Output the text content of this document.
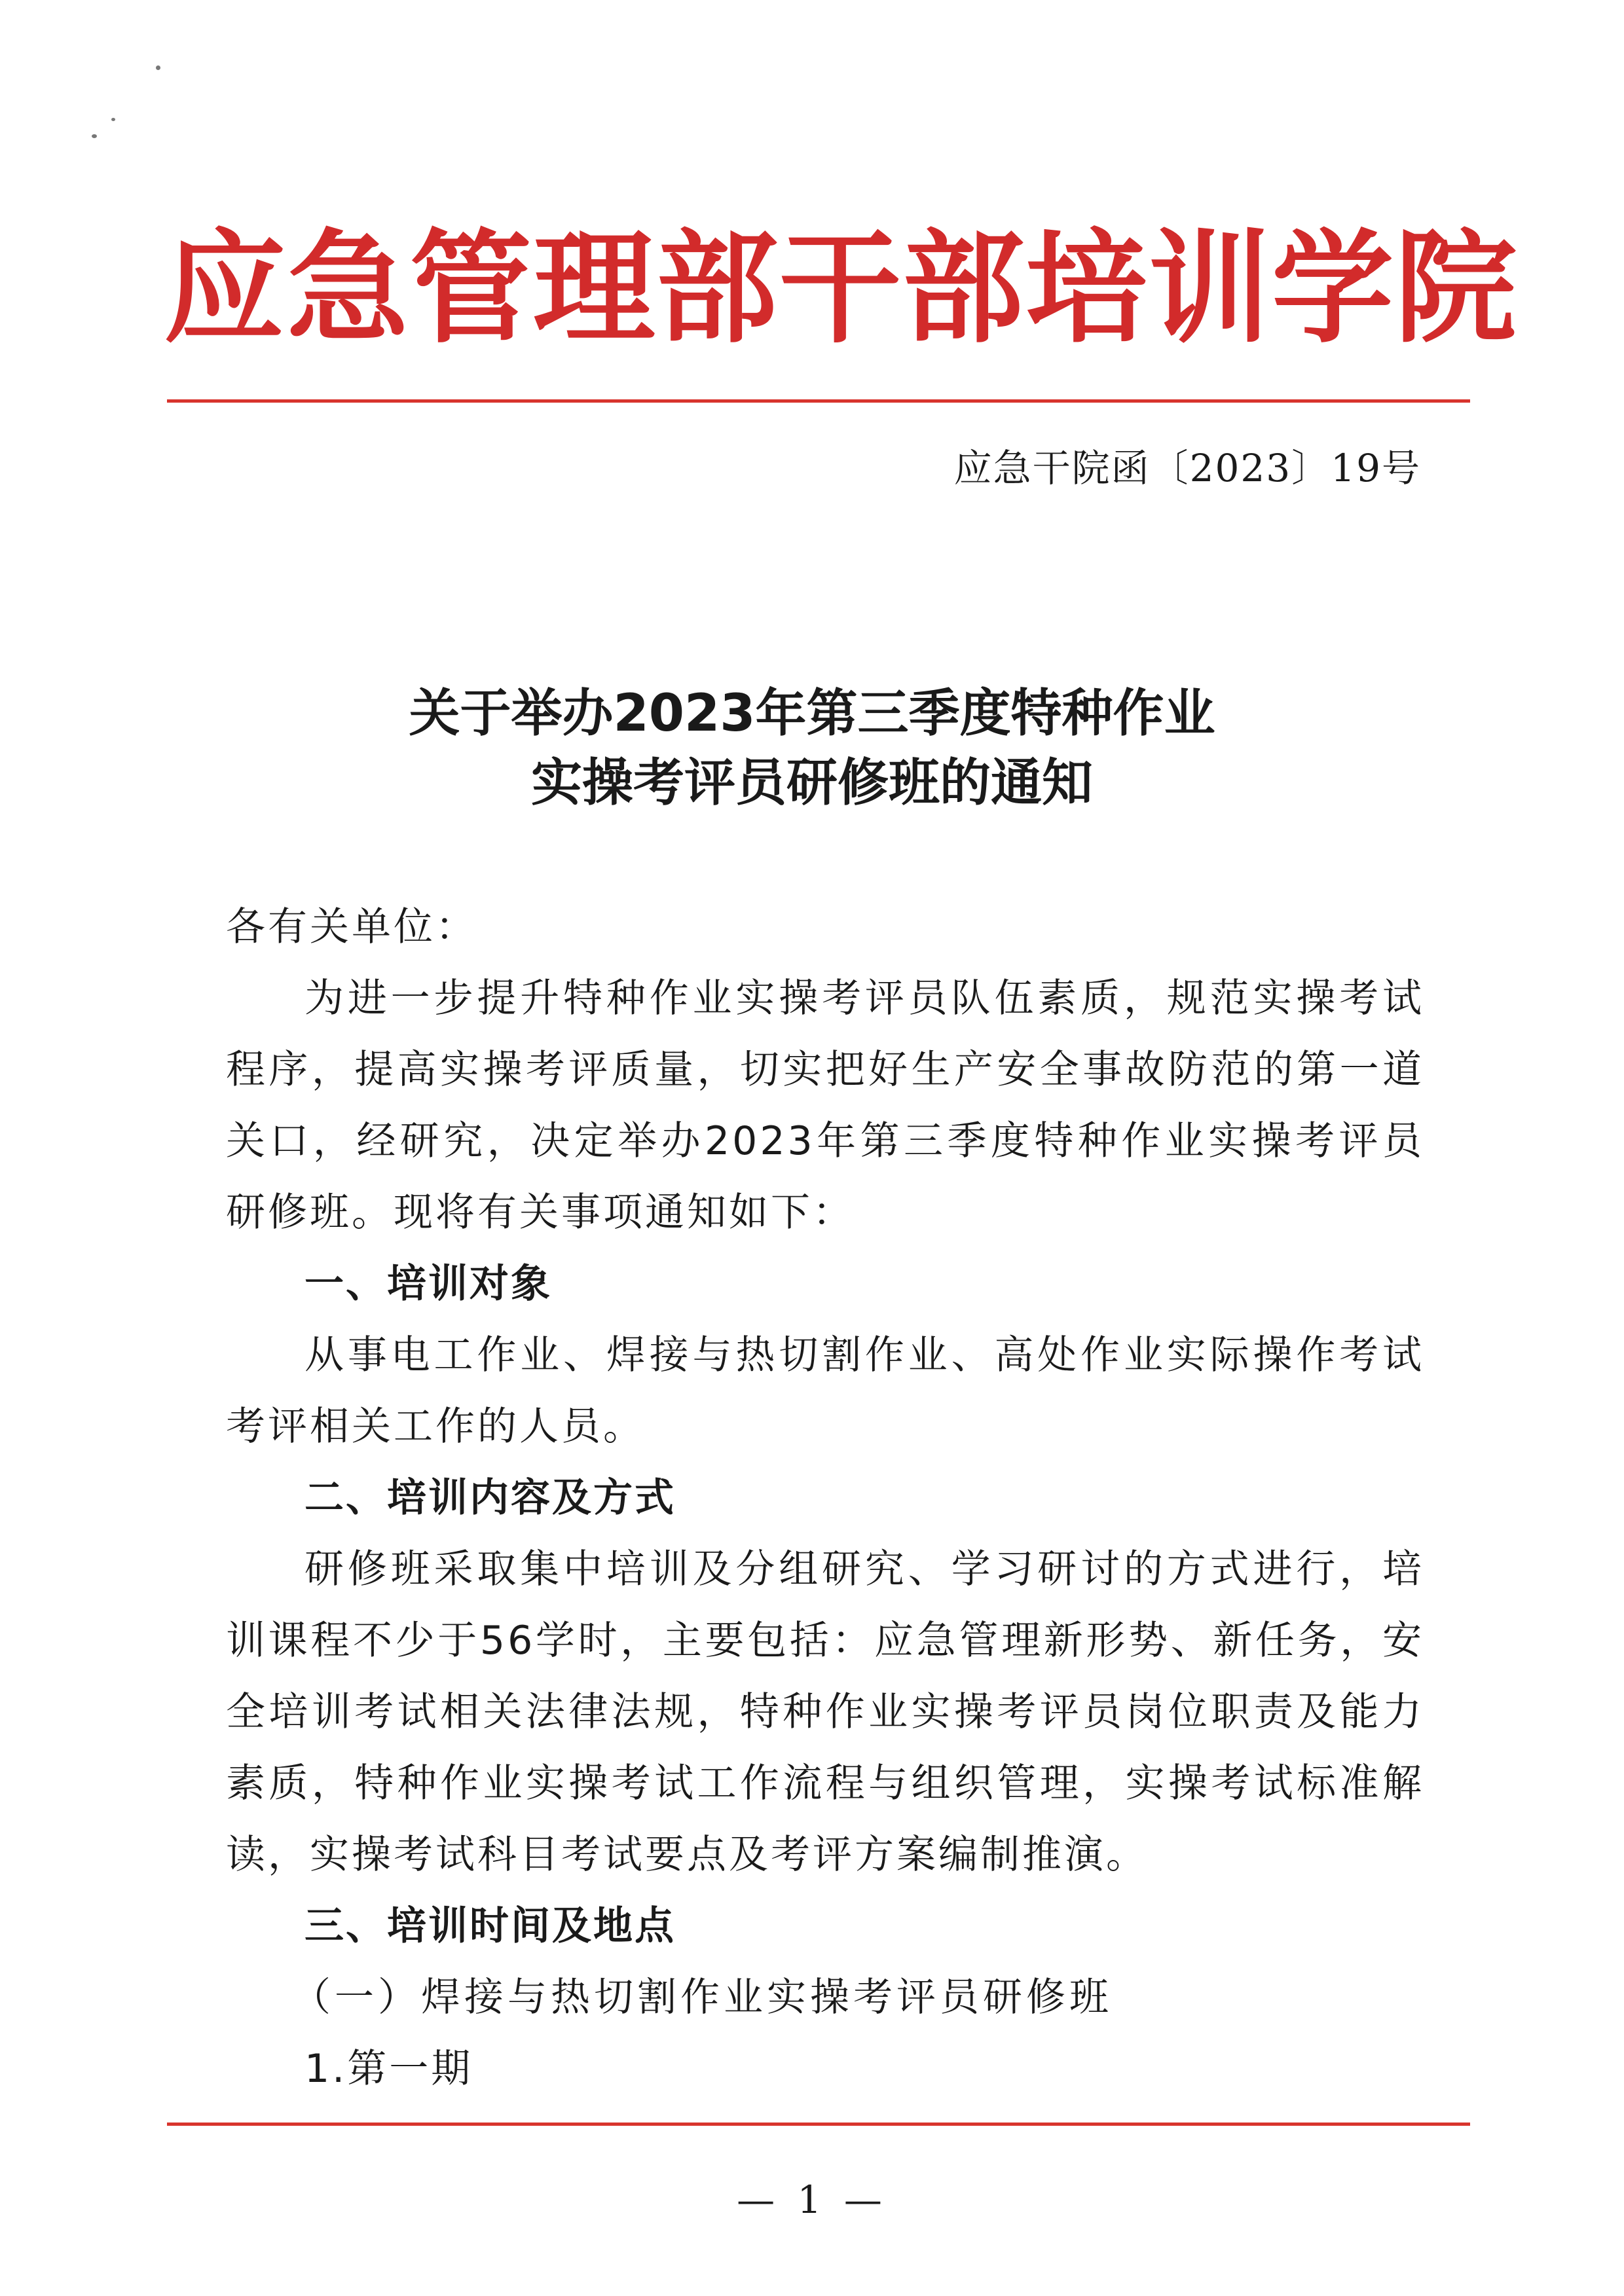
应急管理部干部培训学院
应急干院函〔2023〕19号
关于举办2023年第三季度特种作业
实操考评员研修班的通知

各有关单位：

为进一步提升特种作业实操考评员队伍素质，规范实操考试程序，提高实操考评质量，切实把好生产安全事故防范的第一道关口，经研究，决定举办2023年第三季度特种作业实操考评员研修班。现将有关事项通知如下：

一、培训对象

从事电工作业、焊接与热切割作业、高处作业实际操作考试考评相关工作的人员。

二、培训内容及方式

研修班采取集中培训及分组研究、学习研讨的方式进行，培训课程不少于56学时，主要包括：应急管理新形势、新任务，安全培训考试相关法律法规，特种作业实操考评员岗位职责及能力素质，特种作业实操考试工作流程与组织管理，实操考试标准解读，实操考试科目考试要点及考评方案编制推演。

三、培训时间及地点

（一）焊接与热切割作业实操考评员研修班

1.第一期

— 1 —
